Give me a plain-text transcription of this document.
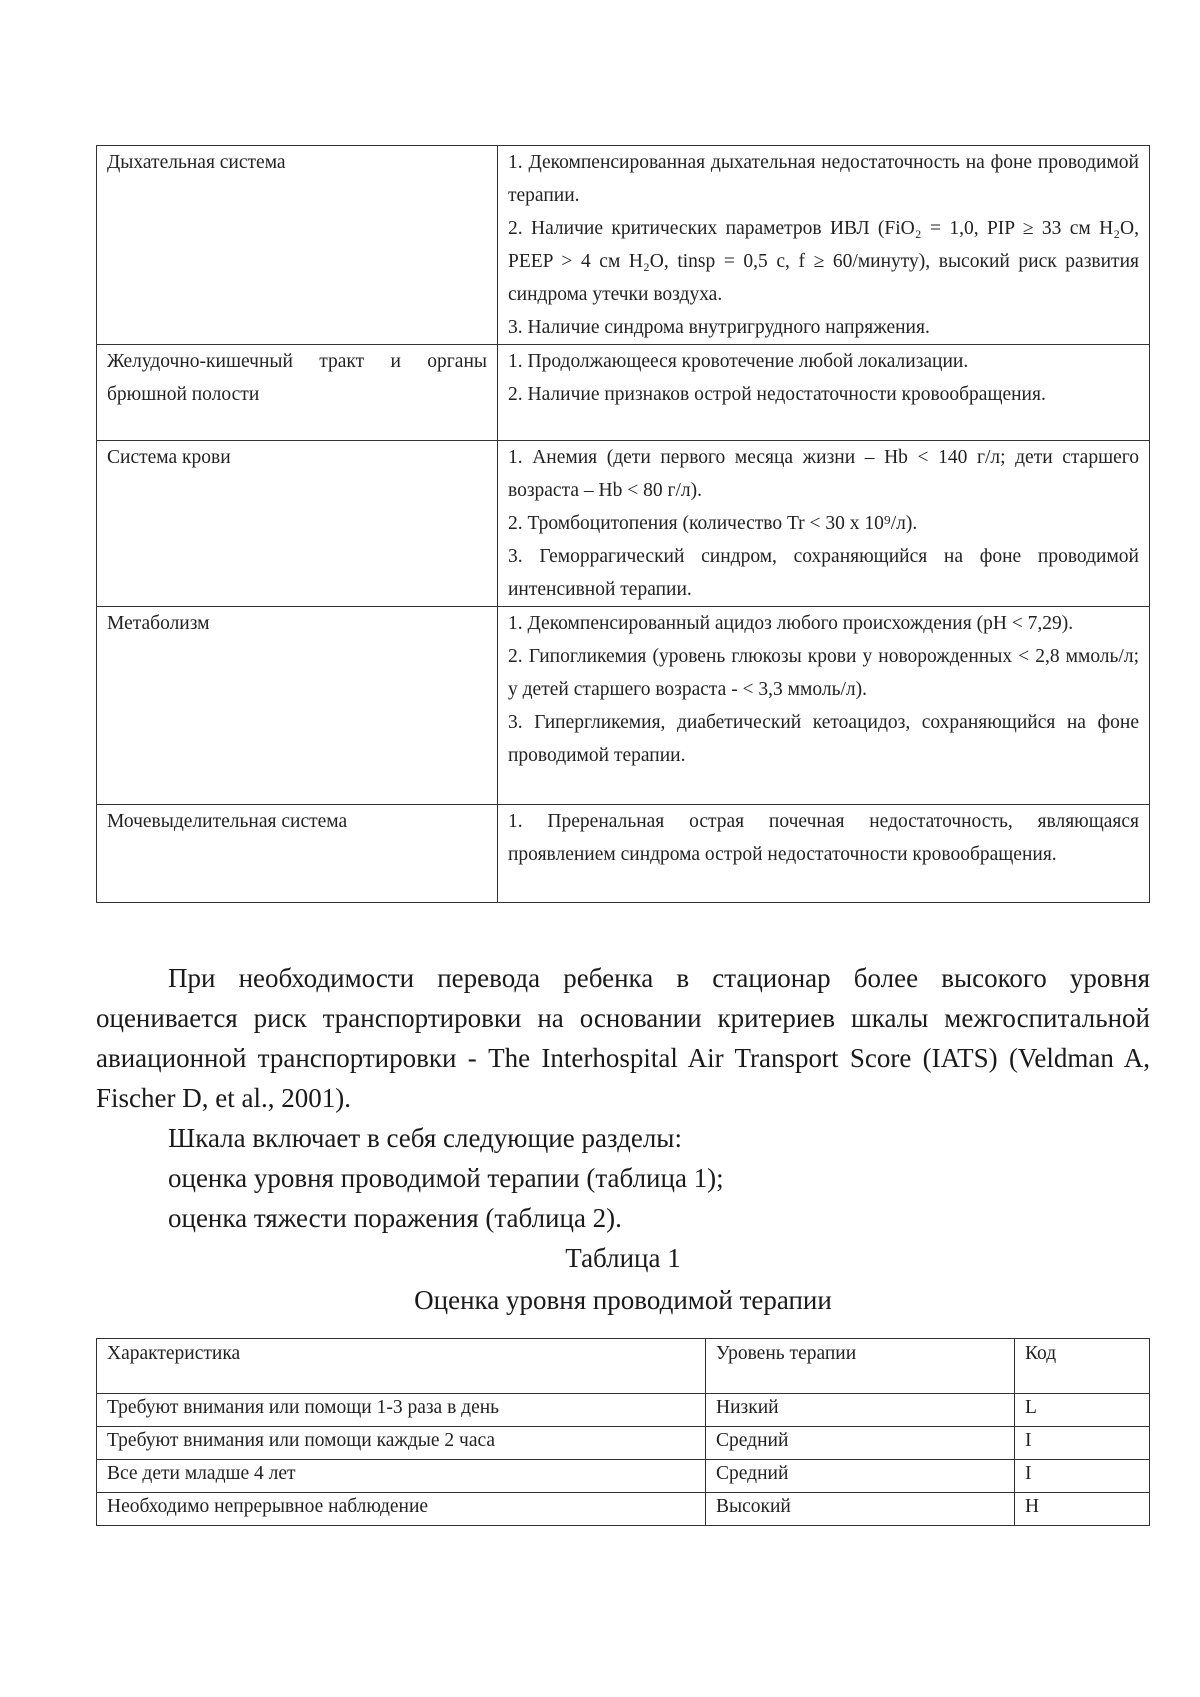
Дыхательная система	1. Декомпенсированная дыхательная недостаточность на фоне проводимой терапии.

2. Наличие критических параметров ИВЛ (FiO₂ = 1,0, PIP ≥ 33 см H₂O, PEEP > 4 см H₂O, tinsp = 0,5 с, f ≥ 60/минуту), высокий риск развития синдрома утечки воздуха.

3. Наличие синдрома внутригрудного напряжения.

Желудочно-кишечный тракт и органы брюшной полости	1. Продолжающееся кровотечение любой локализации.

2. Наличие признаков острой недостаточности кровообращения.

Система крови	1. Анемия (дети первого месяца жизни – Hb < 140 г/л; дети старшего возраста – Hb < 80 г/л).

2. Тромбоцитопения (количество Tr < 30 x 10⁹/л).

3. Геморрагический синдром, сохраняющийся на фоне проводимой интенсивной терапии.

Метаболизм	1. Декомпенсированный ацидоз любого происхождения (pH < 7,29).

2. Гипогликемия (уровень глюкозы крови у новорожденных < 2,8 ммоль/л; у детей старшего возраста - < 3,3 ммоль/л).

3. Гипергликемия, диабетический кетоацидоз, сохраняющийся на фоне проводимой терапии.

Мочевыделительная система	1. Преренальная острая почечная недостаточность, являющаяся проявлением синдрома острой недостаточности кровообращения.

При необходимости перевода ребенка в стационар более высокого уровня оценивается риск транспортировки на основании критериев шкалы межгоспитальной авиационной транспортировки - The Interhospital Air Transport Score (IATS) (Veldman A, Fischer D, et al., 2001).

Шкала включает в себя следующие разделы:

оценка уровня проводимой терапии (таблица 1);

оценка тяжести поражения (таблица 2).

Таблица 1
Оценка уровня проводимой терапии
Характеристика	Уровень терапии	Код
Требуют внимания или помощи 1-3 раза в день	Низкий	L
Требуют внимания или помощи каждые 2 часа	Средний	I
Все дети младше 4 лет	Средний	I
Необходимо непрерывное наблюдение	Высокий	H
